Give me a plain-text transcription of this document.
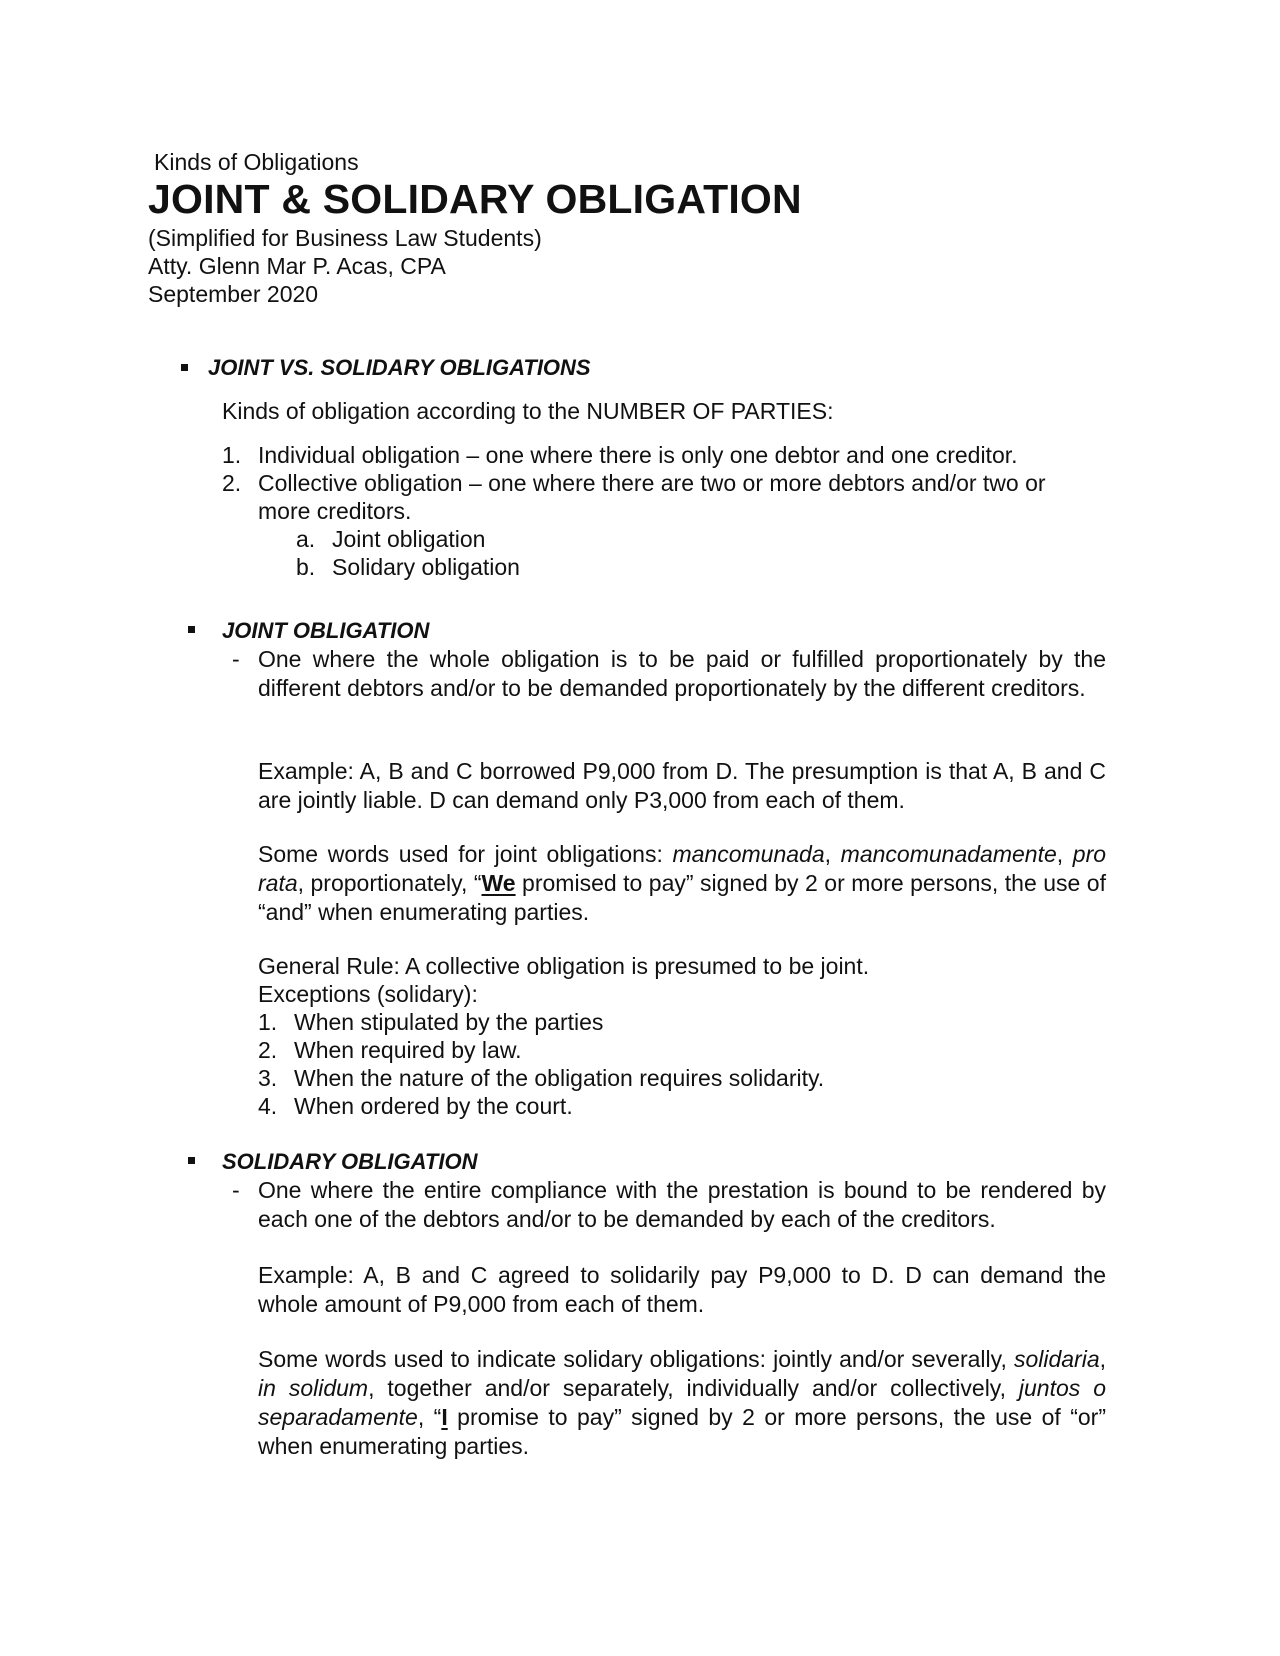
Kinds of Obligations
JOINT & SOLIDARY OBLIGATION
(Simplified for Business Law Students)
Atty. Glenn Mar P. Acas, CPA
September 2020
JOINT VS. SOLIDARY OBLIGATIONS
Kinds of obligation according to the NUMBER OF PARTIES:
1. Individual obligation – one where there is only one debtor and one creditor.
2. Collective obligation – one where there are two or more debtors and/or two or
more creditors.
a. Joint obligation
b. Solidary obligation
JOINT OBLIGATION
- One where the whole obligation is to be paid or fulfilled proportionately by the different debtors and/or to be demanded proportionately by the different creditors.
Example: A, B and C borrowed P9,000 from D. The presumption is that A, B and C are jointly liable. D can demand only P3,000 from each of them.
Some words used for joint obligations: mancomunada, mancomunadamente, pro rata, proportionately, “We promised to pay” signed by 2 or more persons, the use of “and” when enumerating parties.
General Rule: A collective obligation is presumed to be joint.
Exceptions (solidary):
1. When stipulated by the parties
2. When required by law.
3. When the nature of the obligation requires solidarity.
4. When ordered by the court.
SOLIDARY OBLIGATION
- One where the entire compliance with the prestation is bound to be rendered by each one of the debtors and/or to be demanded by each of the creditors.
Example: A, B and C agreed to solidarily pay P9,000 to D. D can demand the whole amount of P9,000 from each of them.
Some words used to indicate solidary obligations: jointly and/or severally, solidaria, in solidum, together and/or separately, individually and/or collectively, juntos o separadamente, “I promise to pay” signed by 2 or more persons, the use of “or” when enumerating parties.
